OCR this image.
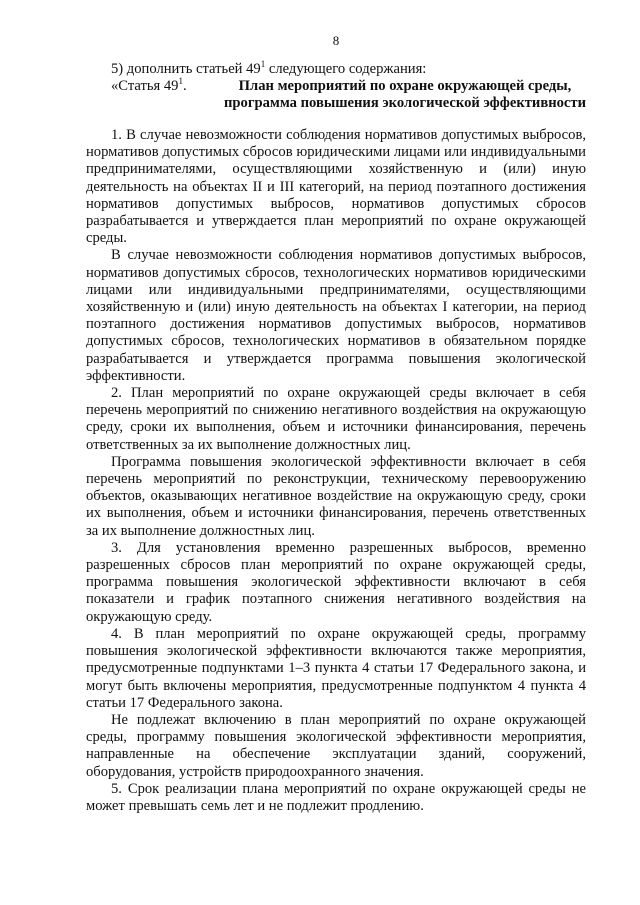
8

5) дополнить статьей $49^1$ следующего содержания:

«Статья $49^1$.	План мероприятий по охране окружающей среды,
программа повышения экологической эффективности

1. В случае невозможности соблюдения нормативов допустимых выбросов, нормативов допустимых сбросов юридическими лицами или индивидуальными предпринимателями, осуществляющими хозяйственную и (или) иную деятельность на объектах II и III категорий, на период поэтапного достижения нормативов допустимых выбросов, нормативов допустимых сбросов разрабатывается и утверждается план мероприятий по охране окружающей среды.

В случае невозможности соблюдения нормативов допустимых выбросов, нормативов допустимых сбросов, технологических нормативов юридическими лицами или индивидуальными предпринимателями, осуществляющими хозяйственную и (или) иную деятельность на объектах I категории, на период поэтапного достижения нормативов допустимых выбросов, нормативов допустимых сбросов, технологических нормативов в обязательном порядке разрабатывается и утверждается программа повышения экологической эффективности.

2. План мероприятий по охране окружающей среды включает в себя перечень мероприятий по снижению негативного воздействия на окружающую среду, сроки их выполнения, объем и источники финансирования, перечень ответственных за их выполнение должностных лиц.

Программа повышения экологической эффективности включает в себя перечень мероприятий по реконструкции, техническому перевооружению объектов, оказывающих негативное воздействие на окружающую среду, сроки их выполнения, объем и источники финансирования, перечень ответственных за их выполнение должностных лиц.

3. Для установления временно разрешенных выбросов, временно разрешенных сбросов план мероприятий по охране окружающей среды, программа повышения экологической эффективности включают в себя показатели и график поэтапного снижения негативного воздействия на окружающую среду.

4. В план мероприятий по охране окружающей среды, программу повышения экологической эффективности включаются также мероприятия, предусмотренные подпунктами 1–3 пункта 4 статьи 17 Федерального закона, и могут быть включены мероприятия, предусмотренные подпунктом 4 пункта 4 статьи 17 Федерального закона.

Не подлежат включению в план мероприятий по охране окружающей среды, программу повышения экологической эффективности мероприятия, направленные на обеспечение эксплуатации зданий, сооружений, оборудования, устройств природоохранного значения.

5. Срок реализации плана мероприятий по охране окружающей среды не может превышать семь лет и не подлежит продлению.
